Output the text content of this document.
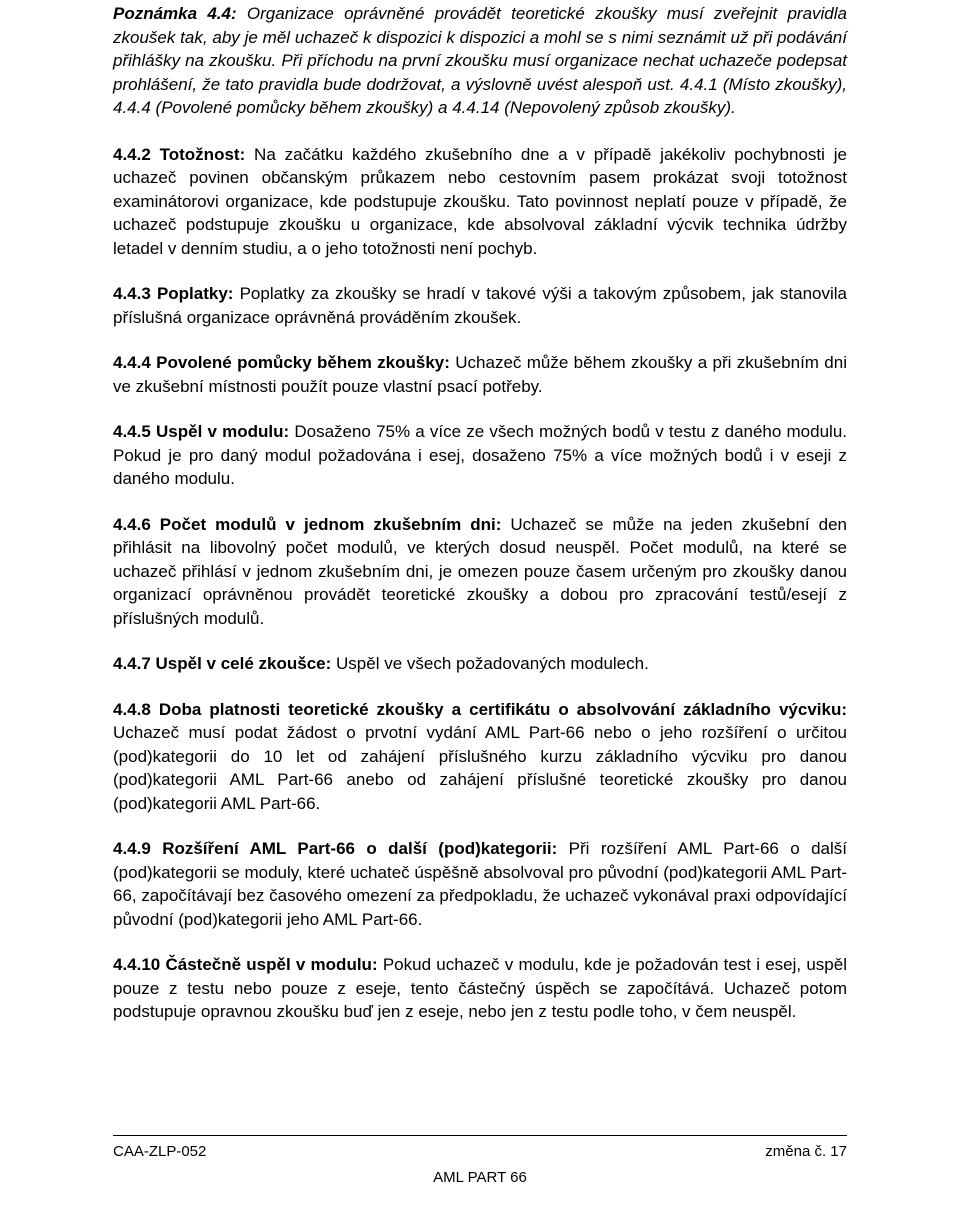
Poznámka 4.4: Organizace oprávněné provádět teoretické zkoušky musí zveřejnit pravidla zkoušek tak, aby je měl uchazeč k dispozici k dispozici a mohl se s nimi seznámit už při podávání přihlášky na zkoušku. Při příchodu na první zkoušku musí organizace nechat uchazeče podepsat prohlášení, že tato pravidla bude dodržovat, a výslovně uvést alespoň ust. 4.4.1 (Místo zkoušky), 4.4.4 (Povolené pomůcky během zkoušky) a 4.4.14 (Nepovolený způsob zkoušky).

4.4.2 Totožnost: Na začátku každého zkušebního dne a v případě jakékoliv pochybnosti je uchazeč povinen občanským průkazem nebo cestovním pasem prokázat svoji totožnost examinátorovi organizace, kde podstupuje zkoušku. Tato povinnost neplatí pouze v případě, že uchazeč podstupuje zkoušku u organizace, kde absolvoval základní výcvik technika údržby letadel v denním studiu, a o jeho totožnosti není pochyb.

4.4.3 Poplatky: Poplatky za zkoušky se hradí v takové výši a takovým způsobem, jak stanovila příslušná organizace oprávněná prováděním zkoušek.

4.4.4 Povolené pomůcky během zkoušky: Uchazeč může během zkoušky a při zkušebním dni ve zkušební místnosti použít pouze vlastní psací potřeby.

4.4.5 Uspěl v modulu: Dosaženo 75% a více ze všech možných bodů v testu z daného modulu. Pokud je pro daný modul požadována i esej, dosaženo 75% a více možných bodů i v eseji z daného modulu.

4.4.6 Počet modulů v jednom zkušebním dni: Uchazeč se může na jeden zkušební den přihlásit na libovolný počet modulů, ve kterých dosud neuspěl. Počet modulů, na které se uchazeč přihlásí v jednom zkušebním dni, je omezen pouze časem určeným pro zkoušky danou organizací oprávněnou provádět teoretické zkoušky a dobou pro zpracování testů/esejí z příslušných modulů.

4.4.7 Uspěl v celé zkoušce: Uspěl ve všech požadovaných modulech.

4.4.8 Doba platnosti teoretické zkoušky a certifikátu o absolvování základního výcviku: Uchazeč musí podat žádost o prvotní vydání AML Part-66 nebo o jeho rozšíření o určitou (pod)kategorii do 10 let od zahájení příslušného kurzu základního výcviku pro danou (pod)kategorii AML Part-66 anebo od zahájení příslušné teoretické zkoušky pro danou (pod)kategorii AML Part-66.

4.4.9 Rozšíření AML Part-66 o další (pod)kategorii: Při rozšíření AML Part-66 o další (pod)kategorii se moduly, které uchateč úspěšně absolvoval pro původní (pod)kategorii AML Part-66, započítávají bez časového omezení za předpokladu, že uchazeč vykonával praxi odpovídající původní (pod)kategorii jeho AML Part-66.

4.4.10 Částečně uspěl v modulu: Pokud uchazeč v modulu, kde je požadován test i esej, uspěl pouze z testu nebo pouze z eseje, tento částečný úspěch se započítává. Uchazeč potom podstupuje opravnou zkoušku buď jen z eseje, nebo jen z testu podle toho, v čem neuspěl.

CAA-ZLP-052	změna č. 17
AML PART 66
